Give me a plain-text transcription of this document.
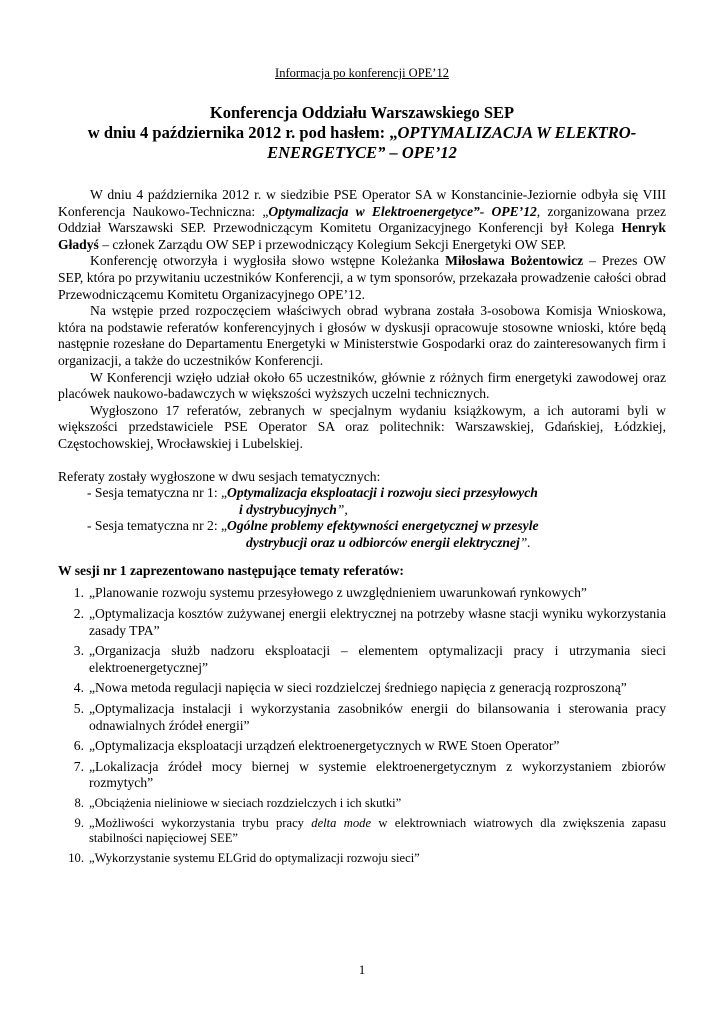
Informacja po konferencji OPE’12
Konferencja Oddziału Warszawskiego SEP
w dniu 4 października 2012 r. pod hasłem: „OPTYMALIZACJA W ELEKTRO-
ENERGETYCE” – OPE’12

W dniu 4 października 2012 r. w siedzibie PSE Operator SA w Konstancinie-Jeziornie odbyła się VIII Konferencja Naukowo-Techniczna: „Optymalizacja w Elektroenergetyce”- OPE’12, zorganizowana przez Oddział Warszawski SEP. Przewodniczącym Komitetu Organizacyjnego Konferencji był Kolega Henryk Gładyś – członek Zarządu OW SEP i przewodniczący Kolegium Sekcji Energetyki OW SEP.

Konferencję otworzyła i wygłosiła słowo wstępne Koleżanka Miłosława Bożentowicz – Prezes OW SEP, która po przywitaniu uczestników Konferencji, a w tym sponsorów, przekazała prowadzenie całości obrad Przewodniczącemu Komitetu Organizacyjnego OPE’12.

Na wstępie przed rozpoczęciem właściwych obrad wybrana została 3-osobowa Komisja Wnioskowa, która na podstawie referatów konferencyjnych i głosów w dyskusji opracowuje stosowne wnioski, które będą następnie rozesłane do Departamentu Energetyki w Ministerstwie Gospodarki oraz do zainteresowanych firm i organizacji, a także do uczestników Konferencji.

W Konferencji wzięło udział około 65 uczestników, głównie z różnych firm energetyki zawodowej oraz placówek naukowo-badawczych w większości wyższych uczelni technicznych.

Wygłoszono 17 referatów, zebranych w specjalnym wydaniu książkowym, a ich autorami byli w większości przedstawiciele PSE Operator SA oraz politechnik: Warszawskiej, Gdańskiej, Łódzkiej, Częstochowskiej, Wrocławskiej i Lubelskiej.

Referaty zostały wygłoszone w dwu sesjach tematycznych:

- Sesja tematyczna nr 1: „ Optymalizacja eksploatacji i rozwoju sieci przesyłowych

i dystrybucyjnych”,

- Sesja tematyczna nr 2: „ Ogólne problemy efektywności energetycznej w przesyle

dystrybucji oraz u odbiorców energii elektrycznej”.

W sesji nr 1 zaprezentowano następujące tematy referatów:
1. „Planowanie rozwoju systemu przesyłowego z uwzględnieniem uwarunkowań rynkowych”
2. „Optymalizacja kosztów zużywanej energii elektrycznej na potrzeby własne stacji wyniku wykorzystania zasady TPA”
3. „Organizacja służb nadzoru eksploatacji – elementem optymalizacji pracy i utrzymania sieci elektroenergetycznej”
4. „Nowa metoda regulacji napięcia w sieci rozdzielczej średniego napięcia z generacją rozproszoną”
5. „Optymalizacja instalacji i wykorzystania zasobników energii do bilansowania i sterowania pracy odnawialnych źródeł energii”
6. „Optymalizacja eksploatacji urządzeń elektroenergetycznych w RWE Stoen Operator”
7. „Lokalizacja źródeł mocy biernej w systemie elektroenergetycznym z wykorzystaniem zbiorów rozmytych”
8. „Obciążenia nieliniowe w sieciach rozdzielczych i ich skutki”
9. „Możliwości wykorzystania trybu pracy delta mode w elektrowniach wiatrowych dla zwiększenia zapasu stabilności napięciowej SEE”
10. „Wykorzystanie systemu ELGrid do optymalizacji rozwoju sieci”
1
